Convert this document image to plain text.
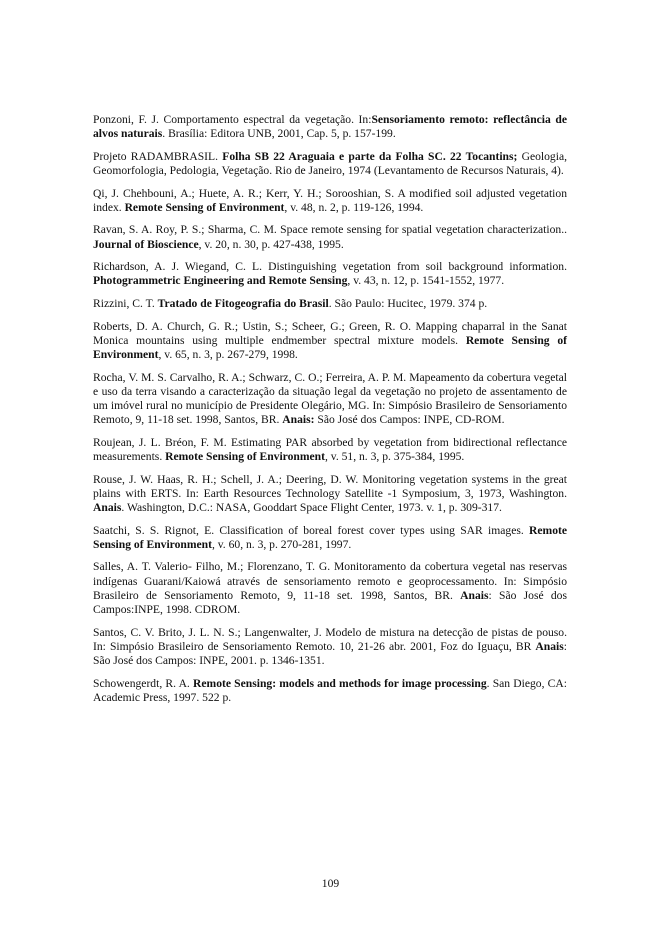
Ponzoni, F. J. Comportamento espectral da vegetação. In:Sensoriamento remoto: reflectância de alvos naturais. Brasília: Editora UNB, 2001, Cap. 5, p. 157-199.

Projeto RADAMBRASIL. Folha SB 22 Araguaia e parte da Folha SC. 22 Tocantins; Geologia, Geomorfologia, Pedologia, Vegetação. Rio de Janeiro, 1974 (Levantamento de Recursos Naturais, 4).

Qi, J. Chehbouni, A.; Huete, A. R.; Kerr, Y. H.; Sorooshian, S. A modified soil adjusted vegetation index. Remote Sensing of Environment, v. 48, n. 2, p. 119-126, 1994.

Ravan, S. A. Roy, P. S.; Sharma, C. M. Space remote sensing for spatial vegetation characterization.. Journal of Bioscience, v. 20, n. 30, p. 427-438, 1995.

Richardson, A. J. Wiegand, C. L. Distinguishing vegetation from soil background information. Photogrammetric Engineering and Remote Sensing, v. 43, n. 12, p. 1541-1552, 1977.

Rizzini, C. T. Tratado de Fitogeografia do Brasil. São Paulo: Hucitec, 1979. 374 p.

Roberts, D. A. Church, G. R.; Ustin, S.; Scheer, G.; Green, R. O. Mapping chaparral in the Sanat Monica mountains using multiple endmember spectral mixture models. Remote Sensing of Environment, v. 65, n. 3, p. 267-279, 1998.

Rocha, V. M. S. Carvalho, R. A.; Schwarz, C. O.; Ferreira, A. P. M. Mapeamento da cobertura vegetal e uso da terra visando a caracterização da situação legal da vegetação no projeto de assentamento de um imóvel rural no município de Presidente Olegário, MG. In: Simpósio Brasileiro de Sensoriamento Remoto, 9, 11-18 set. 1998, Santos, BR. Anais: São José dos Campos: INPE, CD-ROM.

Roujean, J. L. Bréon, F. M. Estimating PAR absorbed by vegetation from bidirectional reflectance measurements. Remote Sensing of Environment, v. 51, n. 3, p. 375-384, 1995.

Rouse, J. W. Haas, R. H.; Schell, J. A.; Deering, D. W. Monitoring vegetation systems in the great plains with ERTS. In: Earth Resources Technology Satellite -1 Symposium, 3, 1973, Washington. Anais. Washington, D.C.: NASA, Gooddart Space Flight Center, 1973. v. 1, p. 309-317.

Saatchi, S. S. Rignot, E. Classification of boreal forest cover types using SAR images. Remote Sensing of Environment, v. 60, n. 3, p. 270-281, 1997.

Salles, A. T. Valerio- Filho, M.; Florenzano, T. G. Monitoramento da cobertura vegetal nas reservas indígenas Guarani/Kaiowá através de sensoriamento remoto e geoprocessamento. In: Simpósio Brasileiro de Sensoriamento Remoto, 9, 11-18 set. 1998, Santos, BR. Anais: São José dos Campos:INPE, 1998. CDROM.

Santos, C. V. Brito, J. L. N. S.; Langenwalter, J. Modelo de mistura na detecção de pistas de pouso. In: Simpósio Brasileiro de Sensoriamento Remoto. 10, 21-26 abr. 2001, Foz do Iguaçu, BR Anais: São José dos Campos: INPE, 2001. p. 1346-1351.

Schowengerdt, R. A. Remote Sensing: models and methods for image processing. San Diego, CA: Academic Press, 1997. 522 p.

109
